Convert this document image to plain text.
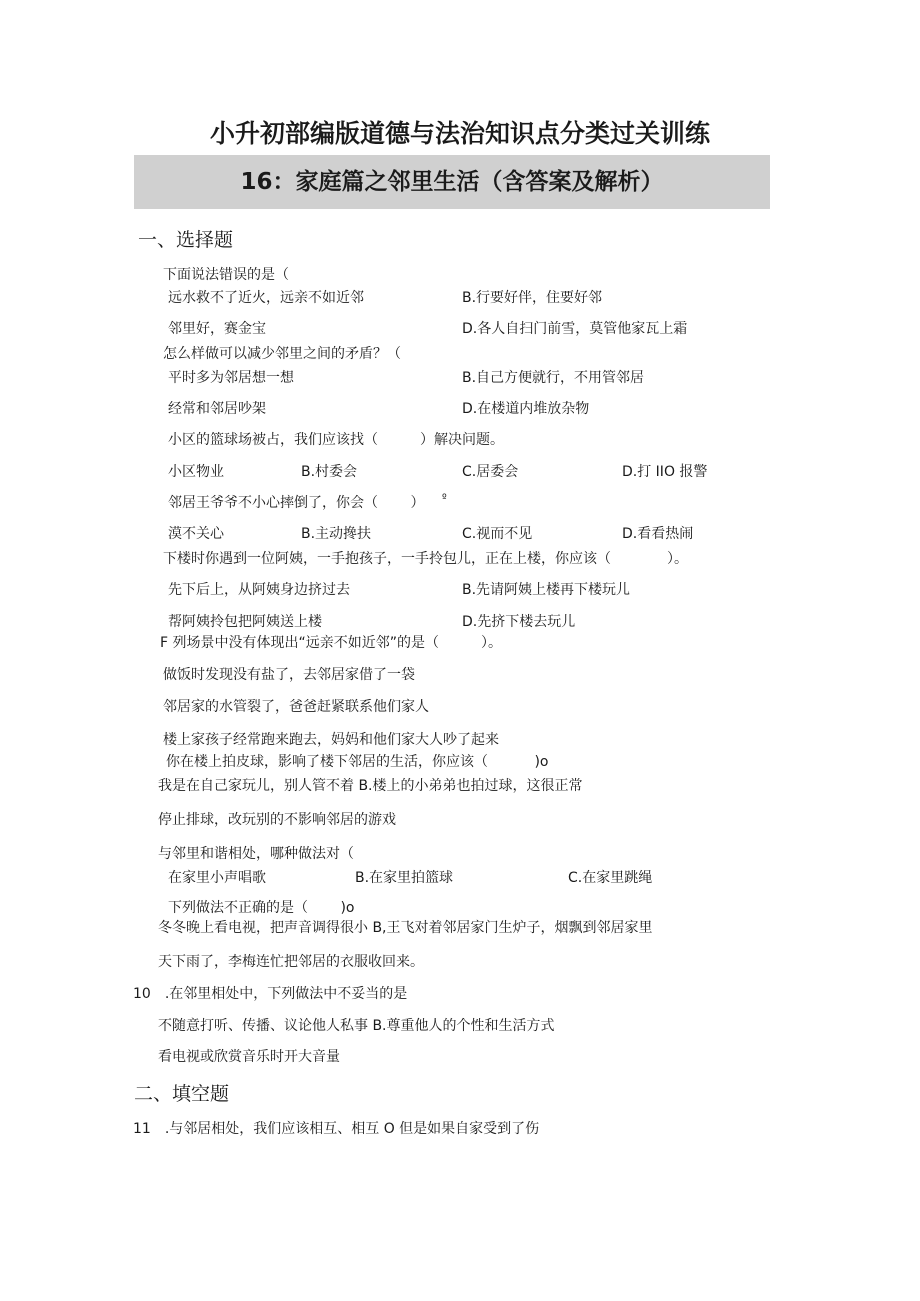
小升初部编版道德与法治知识点分类过关训练
16：家庭篇之邻里生活（含答案及解析）
一、选择题
下面说法错误的是（
远水救不了近火，远亲不如近邻	B.行要好伴，住要好邻
邻里好，赛金宝	D.各人自扫门前雪，莫管他家瓦上霜
怎么样做可以减少邻里之间的矛盾？（
平时多为邻居想一想	B.自己方便就行，不用管邻居
经常和邻居吵架	D.在楼道内堆放杂物
小区的篮球场被占，我们应该找（　　　）解决问题。
小区物业	B.村委会	C.居委会	D.打 IIO 报警
邻居王爷爷不小心摔倒了，你会（　　 ） º
漠不关心	B.主动搀扶	C.视而不见	D.看看热闹
下楼时你遇到一位阿姨，一手抱孩子，一手拎包儿，正在上楼，你应该（　　　　）。
先下后上，从阿姨身边挤过去	B.先请阿姨上楼再下楼玩儿
帮阿姨拎包把阿姨送上楼	D.先挤下楼去玩儿
F 列场景中没有体现出“远亲不如近邻”的是（　　　）。
做饭时发现没有盐了，去邻居家借了一袋
邻居家的水管裂了，爸爸赶紧联系他们家人
楼上家孩子经常跑来跑去，妈妈和他们家大人吵了起来
你在楼上拍皮球，影响了楼下邻居的生活，你应该（　　　 )o
我是在自己家玩儿，别人管不着 B.楼上的小弟弟也拍过球，这很正常
停止排球，改玩别的不影响邻居的游戏
与邻里和谐相处，哪种做法对（
在家里小声唱歌	B.在家里拍篮球	C.在家里跳绳
下列做法不正确的是（　　 )o
冬冬晚上看电视，把声音调得很小 B,王飞对着邻居家门生炉子，烟飘到邻居家里
天下雨了，李梅连忙把邻居的衣服收回来。
10　.在邻里相处中，下列做法中不妥当的是
不随意打听、传播、议论他人私事 B.尊重他人的个性和生活方式
看电视或欣赏音乐时开大音量
二、填空题
11　.与邻居相处，我们应该相互、相互 O 但是如果自家受到了伤
